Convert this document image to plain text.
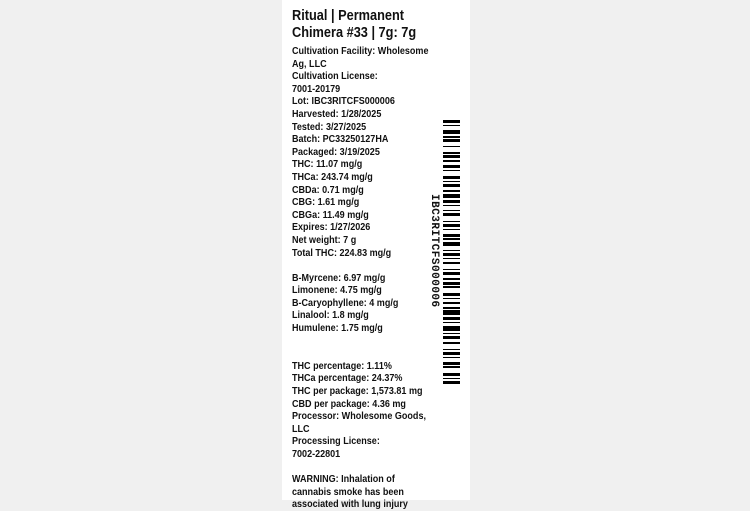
Ritual | Permanent Chimera #33 | 7g: 7g
Cultivation Facility: Wholesome
Ag, LLC
Cultivation License:
7001-20179
Lot: IBC3RITCFS000006
Harvested: 1/28/2025
Tested: 3/27/2025
Batch: PC33250127HA
Packaged: 3/19/2025
THC: 11.07 mg/g
THCa: 243.74 mg/g
CBDa: 0.71 mg/g
CBG: 1.61 mg/g
CBGa: 11.49 mg/g
Expires: 1/27/2026
Net weight: 7 g
Total THC: 224.83 mg/g
B-Myrcene: 6.97 mg/g
Limonene: 4.75 mg/g
B-Caryophyllene: 4 mg/g
Linalool: 1.8 mg/g
Humulene: 1.75 mg/g
THC percentage: 1.11%
THCa percentage: 24.37%
THC per package: 1,573.81 mg
CBD per package: 4.36 mg
Processor: Wholesome Goods,
LLC
Processing License:
7002-22801
WARNING: Inhalation of
cannabis smoke has been
associated with lung injury
IBC3RITCFS000006
